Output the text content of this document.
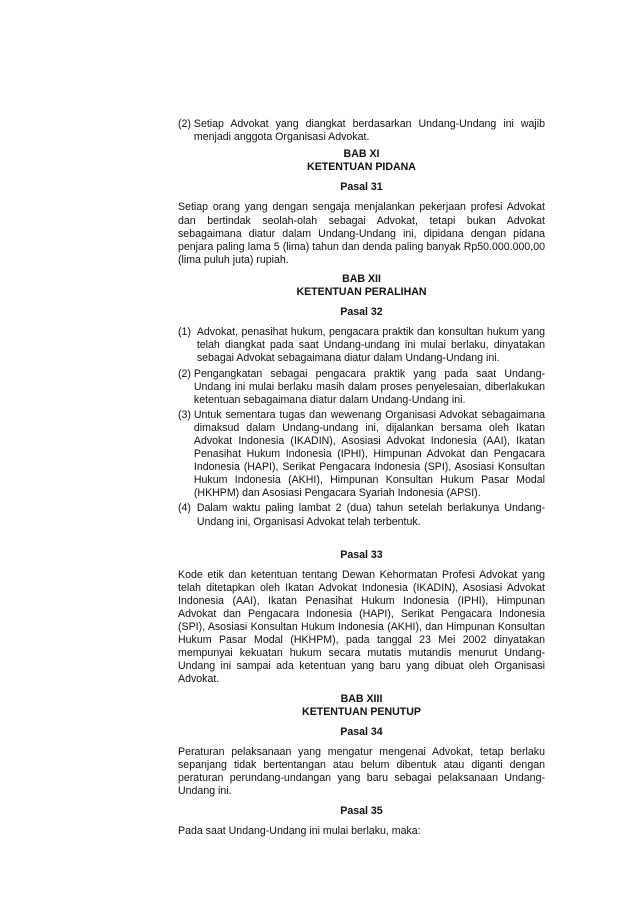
(2) Setiap Advokat yang diangkat berdasarkan Undang-Undang ini wajib menjadi anggota Organisasi Advokat.
BAB XI
KETENTUAN PIDANA
Pasal 31

Setiap orang yang dengan sengaja menjalankan pekerjaan profesi Advokat dan bertindak seolah-olah sebagai Advokat, tetapi bukan Advokat sebagaimana diatur dalam Undang-Undang ini, dipidana dengan pidana penjara paling lama 5 (lima) tahun dan denda paling banyak Rp50.000.000,00 (lima puluh juta) rupiah.

BAB XII
KETENTUAN PERALIHAN
Pasal 32
(1) Advokat, penasihat hukum, pengacara praktik dan konsultan hukum yang telah diangkat pada saat Undang-undang ini mulai berlaku, dinyatakan sebagai Advokat sebagaimana diatur dalam Undang-Undang ini.
(2) Pengangkatan sebagai pengacara praktik yang pada saat Undang-Undang ini mulai berlaku masih dalam proses penyelesaian, diberlakukan ketentuan sebagaimana diatur dalam Undang-Undang ini.
(3) Untuk sementara tugas dan wewenang Organisasi Advokat sebagaimana dimaksud dalam Undang-undang ini, dijalankan bersama oleh Ikatan Advokat Indonesia (IKADIN), Asosiasi Advokat Indonesia (AAI), Ikatan Penasihat Hukum Indonesia (IPHI), Himpunan Advokat dan Pengacara Indonesia (HAPI), Serikat Pengacara Indonesia (SPI), Asosiasi Konsultan Hukum Indonesia (AKHI), Himpunan Konsultan Hukum Pasar Modal (HKHPM) dan Asosiasi Pengacara Syariah Indonesia (APSI).
(4) Dalam waktu paling lambat 2 (dua) tahun setelah berlakunya Undang-Undang ini, Organisasi Advokat telah terbentuk.
Pasal 33

Kode etik dan ketentuan tentang Dewan Kehormatan Profesi Advokat yang telah ditetapkan oleh Ikatan Advokat Indonesia (IKADIN), Asosiasi Advokat Indonesia (AAI), Ikatan Penasihat Hukum Indonesia (IPHI), Himpunan Advokat dan Pengacara Indonesia (HAPI), Serikat Pengacara Indonesia (SPI), Asosiasi Konsultan Hukum Indonesia (AKHI), dan Himpunan Konsultan Hukum Pasar Modal (HKHPM), pada tanggal 23 Mei 2002 dinyatakan mempunyai kekuatan hukum secara mutatis mutandis menurut Undang-Undang ini sampai ada ketentuan yang baru yang dibuat oleh Organisasi Advokat.

BAB XIII
KETENTUAN PENUTUP
Pasal 34

Peraturan pelaksanaan yang mengatur mengenai Advokat, tetap berlaku sepanjang tidak bertentangan atau belum dibentuk atau diganti dengan peraturan perundang-undangan yang baru sebagai pelaksanaan Undang-Undang ini.

Pasal 35

Pada saat Undang-Undang ini mulai berlaku, maka:
